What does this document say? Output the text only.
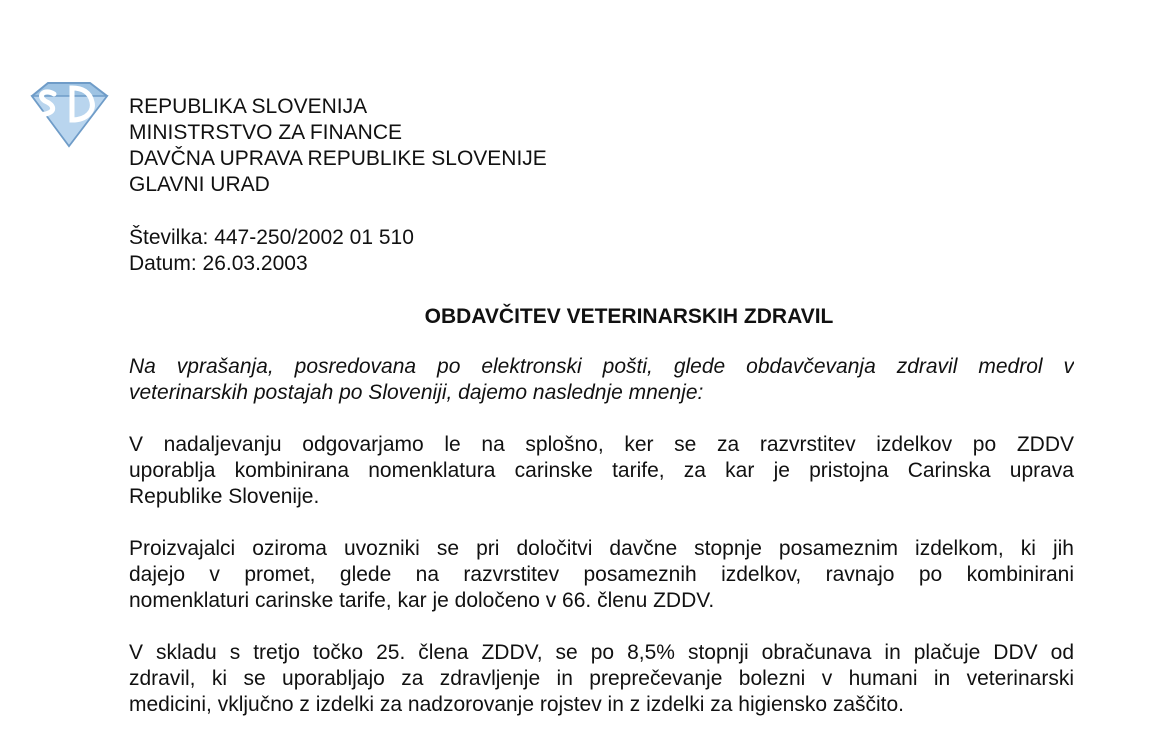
REPUBLIKA SLOVENIJA
MINISTRSTVO ZA FINANCE
DAVČNA UPRAVA REPUBLIKE SLOVENIJE
GLAVNI URAD
Številka: 447-250/2002 01 510
Datum: 26.03.2003
OBDAVČITEV VETERINARSKIH ZDRAVIL
Na vprašanja, posredovana po elektronski pošti, glede obdavčevanja zdravil medrol v
veterinarskih postajah po Sloveniji, dajemo naslednje mnenje:
V nadaljevanju odgovarjamo le na splošno, ker se za razvrstitev izdelkov po ZDDV
uporablja kombinirana nomenklatura carinske tarife, za kar je pristojna Carinska uprava
Republike Slovenije.
Proizvajalci oziroma uvozniki se pri določitvi davčne stopnje posameznim izdelkom, ki jih
dajejo v promet, glede na razvrstitev posameznih izdelkov, ravnajo po kombinirani
nomenklaturi carinske tarife, kar je določeno v 66. členu ZDDV.
V skladu s tretjo točko 25. člena ZDDV, se po 8,5% stopnji obračunava in plačuje DDV od
zdravil, ki se uporabljajo za zdravljenje in preprečevanje bolezni v humani in veterinarski
medicini, vključno z izdelki za nadzorovanje rojstev in z izdelki za higiensko zaščito.
